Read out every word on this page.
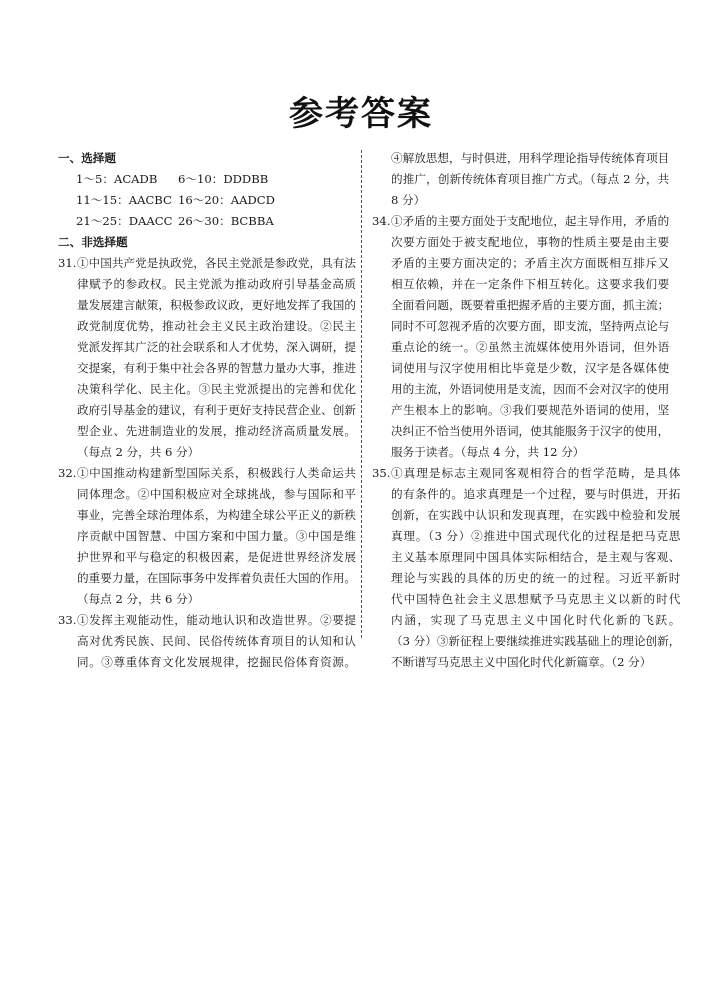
参考答案
一、选择题
1～5：ACADB	6～10：DDDBB
11～15：AACBC 16～20：AADCD
21～25：DAACC 26～30：BCBBA
二、非选择题
31. ①中国共产党是执政党，各民主党派是参政党，具有法

律赋予的参政权。民主党派为推动政府引导基金高质

量发展建言献策，积极参政议政，更好地发挥了我国的

政党制度优势，推动社会主义民主政治建设。②民主

党派发挥其广泛的社会联系和人才优势，深入调研，提

交提案，有利于集中社会各界的智慧力量办大事，推进

决策科学化、民主化。③民主党派提出的完善和优化

政府引导基金的建议，有利于更好支持民营企业、创新

型企业、先进制造业的发展，推动经济高质量发展。

（每点 2 分，共 6 分）

32. ①中国推动构建新型国际关系，积极践行人类命运共

同体理念。②中国积极应对全球挑战，参与国际和平

事业，完善全球治理体系，为构建全球公平正义的新秩

序贡献中国智慧、中国方案和中国力量。③中国是维

护世界和平与稳定的积极因素，是促进世界经济发展

的重要力量，在国际事务中发挥着负责任大国的作用。

（每点 2 分，共 6 分）

33. ①发挥主观能动性，能动地认识和改造世界。②要提

高对优秀民族、民间、民俗传统体育项目的认知和认

同。③尊重体育文化发展规律，挖掘民俗体育资源。

④解放思想，与时俱进，用科学理论指导传统体育项目

的推广，创新传统体育项目推广方式。（每点 2 分，共

8 分）

34. ①矛盾的主要方面处于支配地位，起主导作用，矛盾的

次要方面处于被支配地位，事物的性质主要是由主要

矛盾的主要方面决定的；矛盾主次方面既相互排斥又

相互依赖，并在一定条件下相互转化。这要求我们要

全面看问题，既要着重把握矛盾的主要方面，抓主流；

同时不可忽视矛盾的次要方面，即支流，坚持两点论与

重点论的统一。②虽然主流媒体使用外语词，但外语

词使用与汉字使用相比毕竟是少数，汉字是各媒体使

用的主流，外语词使用是支流，因而不会对汉字的使用

产生根本上的影响。③我们要规范外语词的使用，坚

决纠正不恰当使用外语词，使其能服务于汉字的使用，

服务于读者。（每点 4 分，共 12 分）

35. ①真理是标志主观同客观相符合的哲学范畴，是具体

的有条件的。追求真理是一个过程，要与时俱进，开拓

创新，在实践中认识和发现真理，在实践中检验和发展

真理。（3 分）②推进中国式现代化的过程是把马克思

主义基本原理同中国具体实际相结合，是主观与客观、

理论与实践的具体的历史的统一的过程。习近平新时

代中国特色社会主义思想赋予马克思主义以新的时代

内涵，实现了马克思主义中国化时代化新的飞跃。

（3 分）③新征程上要继续推进实践基础上的理论创新，

不断谱写马克思主义中国化时代化新篇章。（2 分）
